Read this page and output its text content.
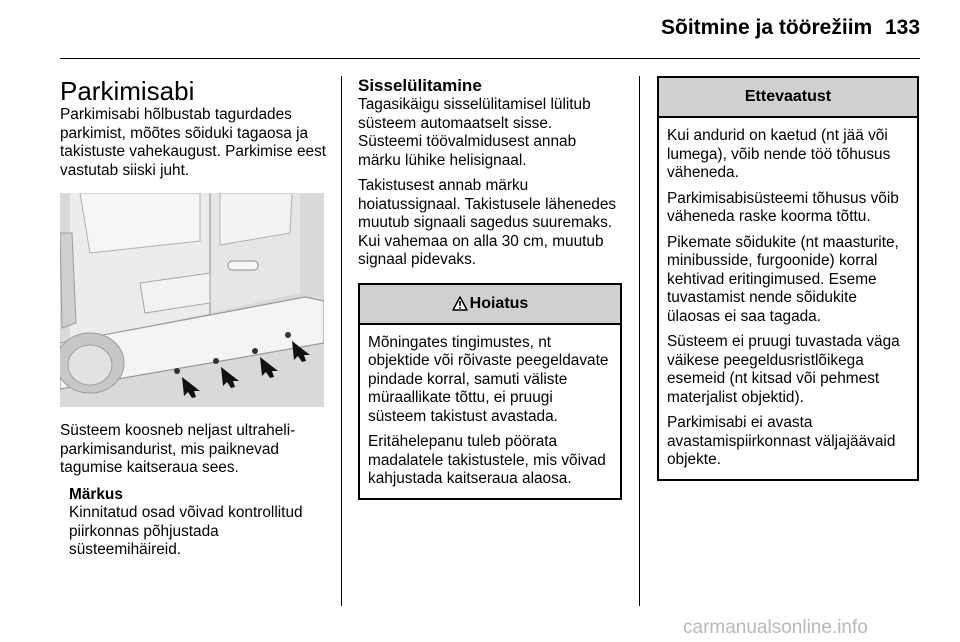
Sõitmine ja töörežiim 133
Parkimisabi

Parkimisabi hõlbustab tagurdades parkimist, mõõtes sõiduki tagaosa ja takistuste vahekaugust. Parkimise eest vastutab siiski juht.

Süsteem koosneb neljast ultraheli-parkimisandurist, mis paiknevad tagumise kaitseraua sees.

Märkus

Kinnitatud osad võivad kontrollitud piirkonnas põhjustada süsteemihäireid.

Sisselülitamine

Tagasikäigu sisselülitamisel lülitub süsteem automaatselt sisse.

Süsteemi töövalmidusest annab märku lühike helisignaal.

Takistusest annab märku hoiatussignaal. Takistusele lähenedes muutub signaali sagedus suuremaks. Kui vahemaa on alla 30 cm, muutub signaal pidevaks.

Hoiatus

Mõningates tingimustes, nt objektide või rõivaste peegeldavate pindade korral, samuti väliste müraallikate tõttu, ei pruugi süsteem takistust avastada.

Eritähelepanu tuleb pöörata madalatele takistustele, mis võivad kahjustada kaitseraua alaosa.

Ettevaatust

Kui andurid on kaetud (nt jää või lumega), võib nende töö tõhusus väheneda.

Parkimisabisüsteemi tõhusus võib väheneda raske koorma tõttu.

Pikemate sõidukite (nt maasturite, minibusside, furgoonide) korral kehtivad eritingimused. Eseme tuvastamist nende sõidukite ülaosas ei saa tagada.

Süsteem ei pruugi tuvastada väga väikese peegeldusristlõikega esemeid (nt kitsad või pehmest materjalist objektid).

Parkimisabi ei avasta avastamispiirkonnast väljajäävaid objekte.

carmanualsonline.info
